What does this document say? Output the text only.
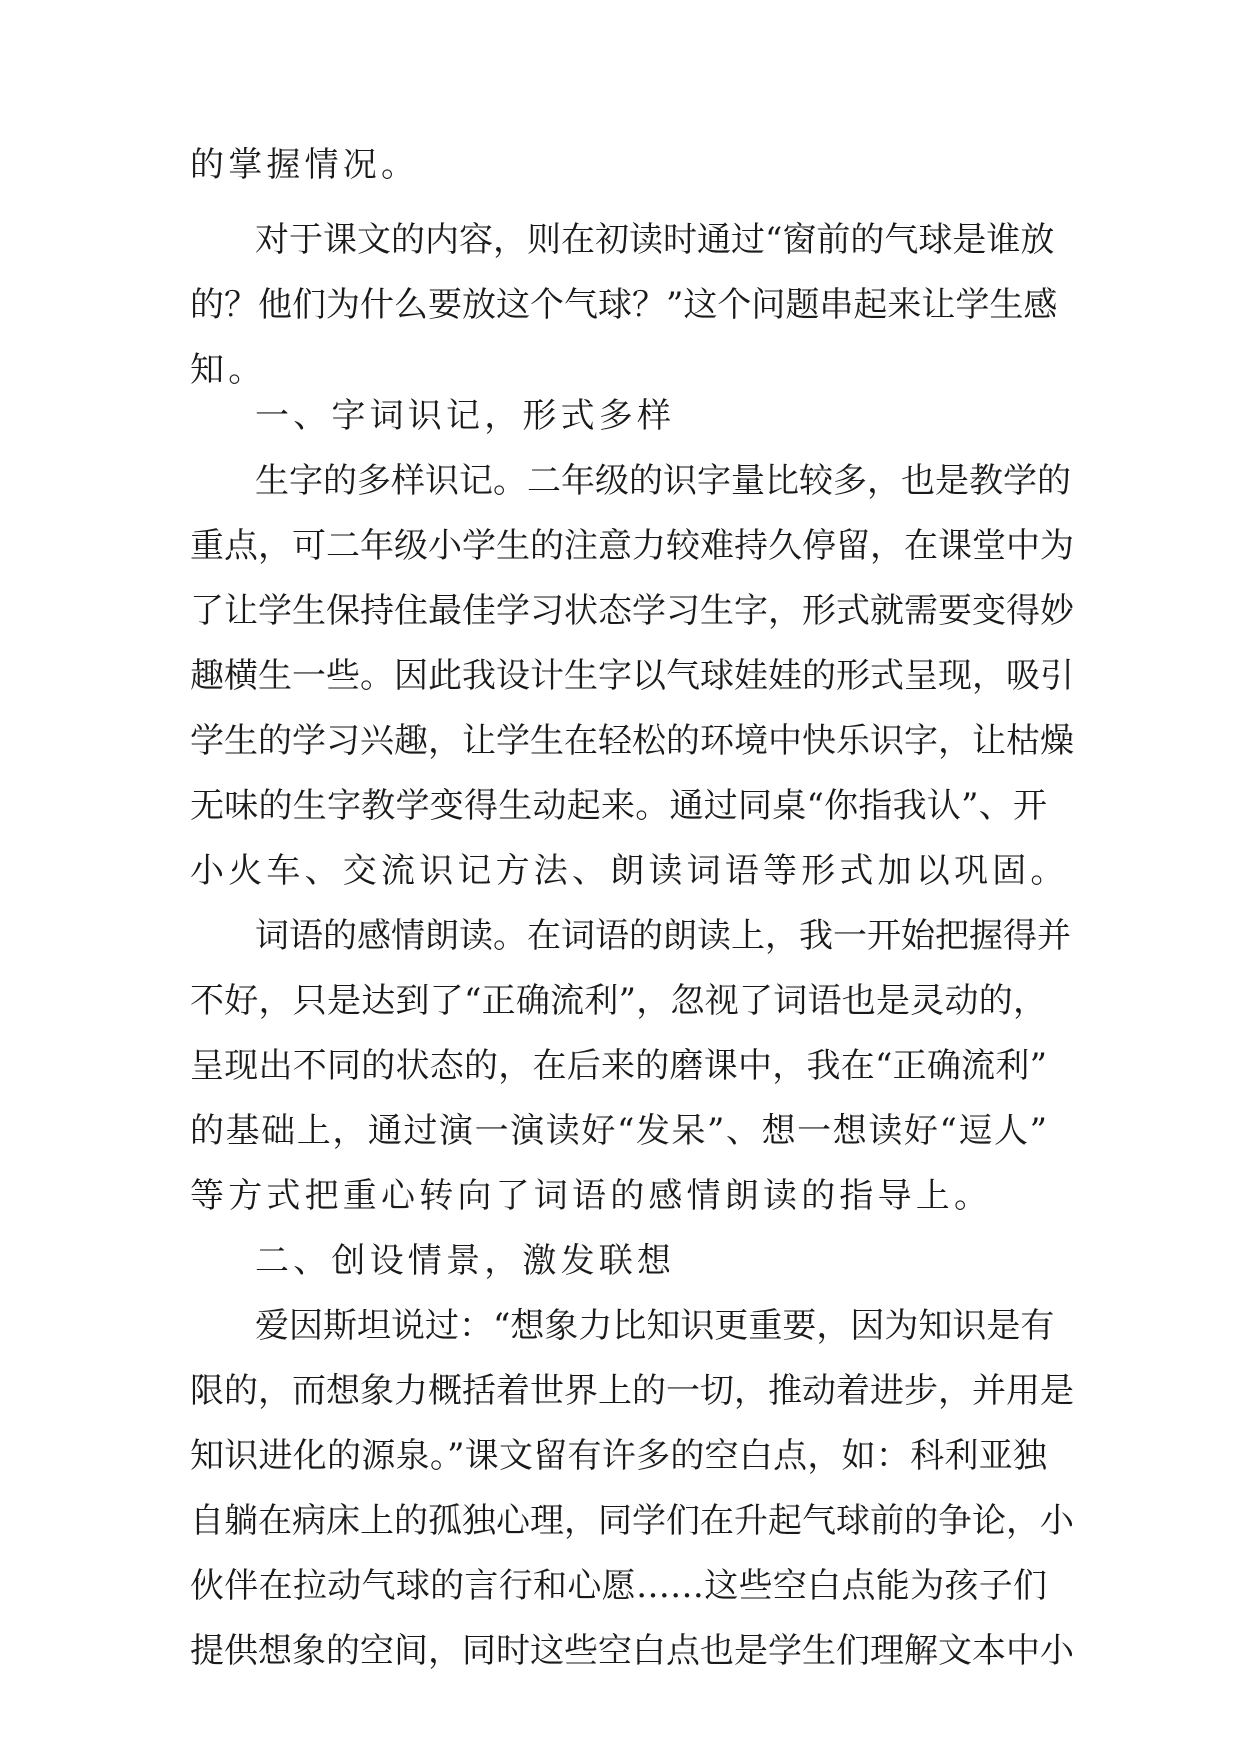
的掌握情况。
对于课文的内容，则在初读时通过“窗前的气球是谁放
的？他们为什么要放这个气球？”这个问题串起来让学生感
知。
一、字词识记，形式多样
生字的多样识记。二年级的识字量比较多，也是教学的
重点，可二年级小学生的注意力较难持久停留，在课堂中为
了让学生保持住最佳学习状态学习生字，形式就需要变得妙
趣横生一些。因此我设计生字以气球娃娃的形式呈现，吸引
学生的学习兴趣，让学生在轻松的环境中快乐识字，让枯燥
无味的生字教学变得生动起来。通过同桌“你指我认”、开
小火车、交流识记方法、朗读词语等形式加以巩固。
词语的感情朗读。在词语的朗读上，我一开始把握得并
不好，只是达到了“正确流利”，忽视了词语也是灵动的，
呈现出不同的状态的，在后来的磨课中，我在“正确流利”
的基础上，通过演一演读好“发呆”、想一想读好“逗人”
等方式把重心转向了词语的感情朗读的指导上。
二、创设情景，激发联想
爱因斯坦说过：“想象力比知识更重要，因为知识是有
限的，而想象力概括着世界上的一切，推动着进步，并用是
知识进化的源泉。”课文留有许多的空白点，如：科利亚独
自躺在病床上的孤独心理，同学们在升起气球前的争论，小
伙伴在拉动气球的言行和心愿……这些空白点能为孩子们
提供想象的空间，同时这些空白点也是学生们理解文本中小
